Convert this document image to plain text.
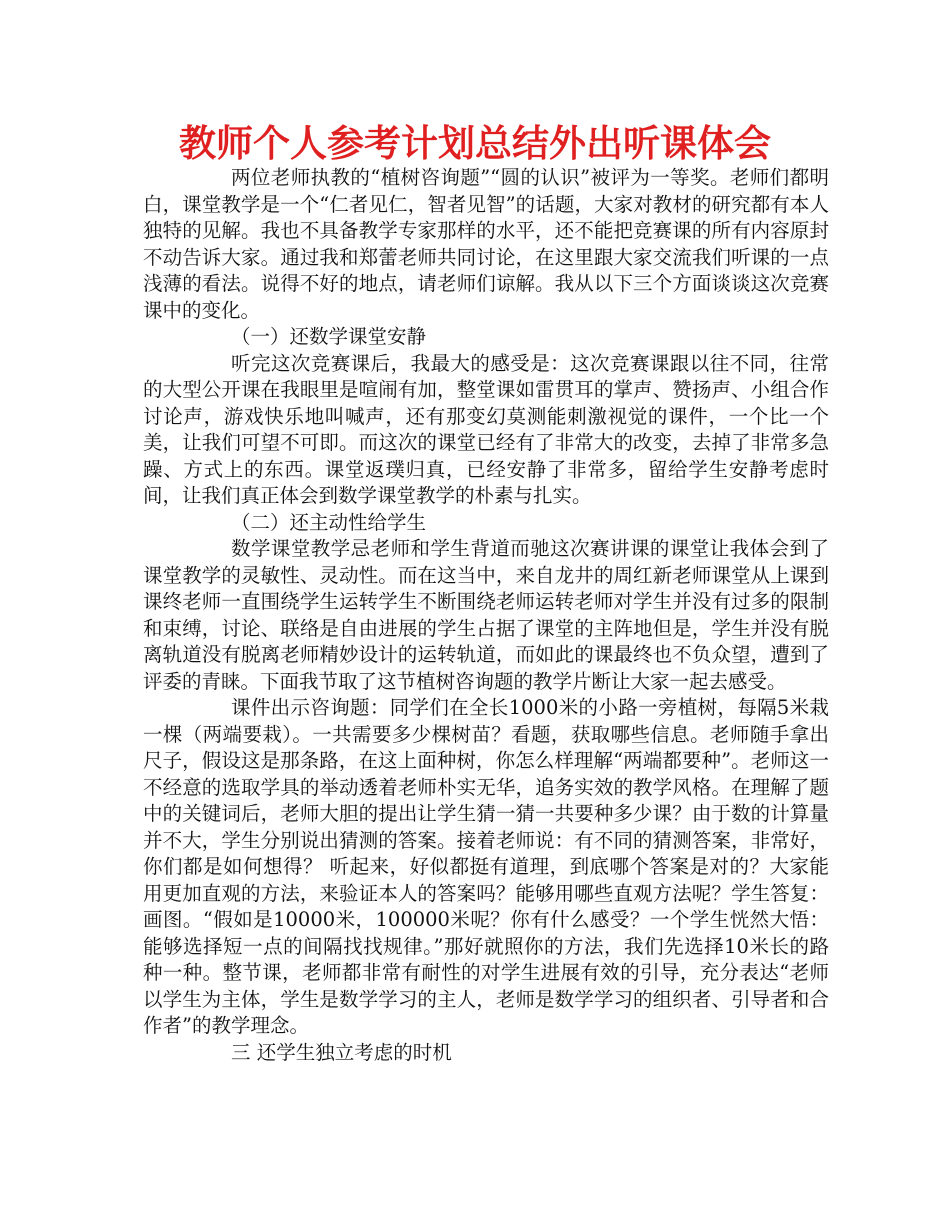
教师个人参考计划总结外出听课体会

两位老师执教的“植树咨询题”“圆的认识”被评为一等奖。老师们都明白，课堂教学是一个“仁者见仁，智者见智”的话题，大家对教材的研究都有本人独特的见解。我也不具备教学专家那样的水平，还不能把竞赛课的所有内容原封不动告诉大家。通过我和郑蕾老师共同讨论，在这里跟大家交流我们听课的一点浅薄的看法。说得不好的地点，请老师们谅解。我从以下三个方面谈谈这次竞赛课中的变化。

（一）还数学课堂安静

听完这次竞赛课后，我最大的感受是：这次竞赛课跟以往不同，往常的大型公开课在我眼里是喧闹有加，整堂课如雷贯耳的掌声、赞扬声、小组合作讨论声，游戏快乐地叫喊声，还有那变幻莫测能刺激视觉的课件，一个比一个美，让我们可望不可即。而这次的课堂已经有了非常大的改变，去掉了非常多急躁、方式上的东西。课堂返璞归真，已经安静了非常多，留给学生安静考虑时间，让我们真正体会到数学课堂教学的朴素与扎实。

（二）还主动性给学生

数学课堂教学忌老师和学生背道而驰这次赛讲课的课堂让我体会到了课堂教学的灵敏性、灵动性。而在这当中，来自龙井的周红新老师课堂从上课到课终老师一直围绕学生运转学生不断围绕老师运转老师对学生并没有过多的限制和束缚，讨论、联络是自由进展的学生占据了课堂的主阵地但是，学生并没有脱离轨道没有脱离老师精妙设计的运转轨道，而如此的课最终也不负众望，遭到了评委的青睐。下面我节取了这节植树咨询题的教学片断让大家一起去感受。

课件出示咨询题：同学们在全长1000米的小路一旁植树，每隔5米栽一棵（两端要栽）。一共需要多少棵树苗？看题，获取哪些信息。老师随手拿出尺子，假设这是那条路，在这上面种树，你怎么样理解“两端都要种”。老师这一不经意的选取学具的举动透着老师朴实无华，追务实效的教学风格。在理解了题中的关键词后，老师大胆的提出让学生猜一猜一共要种多少课？由于数的计算量并不大，学生分别说出猜测的答案。接着老师说：有不同的猜测答案，非常好，你们都是如何想得？ 听起来，好似都挺有道理，到底哪个答案是对的？大家能用更加直观的方法，来验证本人的答案吗？能够用哪些直观方法呢？学生答复：画图。“假如是10000米，100000米呢？你有什么感受？一个学生恍然大悟：能够选择短一点的间隔找找规律。”那好就照你的方法，我们先选择10米长的路种一种。整节课，老师都非常有耐性的对学生进展有效的引导，充分表达“老师以学生为主体，学生是数学学习的主人，老师是数学学习的组织者、引导者和合作者”的教学理念。

三 还学生独立考虑的时机
